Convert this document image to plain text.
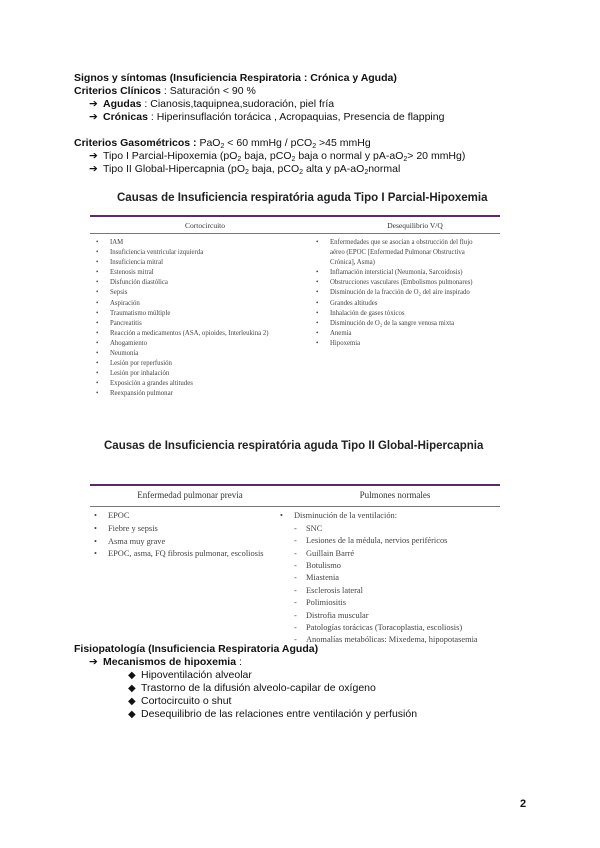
Signos y síntomas (Insuficiencia Respiratoria : Crónica y Aguda)
Criterios Clínicos : Saturación < 90 %
➔ Agudas : Cianosis,taquipnea,sudoración, piel fría
➔ Crónicas : Hiperinsuflación torácica , Acropaquias, Presencia de flapping
Criterios Gasométricos : PaO$_2$ < 60 mmHg / pCO$_2$ >45 mmHg
➔ Tipo I Parcial-Hipoxemia ($pO_2$ baja, pCO$_2$ baja o normal y $pA-aO_2> 20$ mmHg)
➔ Tipo II Global-Hipercapnia ($pO_2$ baja, pCO$_2$ alta y $pA-aO_2normal$
Causas de Insuficiencia respiratória aguda Tipo I Parcial-Hipoxemia
Cortocircuito	Desequilibrio V/Q
• IAM
• Insuficiencia ventricular izquierda
• Insuficiencia mitral
• Estenosis mitral
• Disfunción diastólica
• Sepsis
• Aspiración
• Traumatismo múltiple
• Pancreatitis
• Reacción a medicamentos (ASA, opioides, Interleukina 2)
• Ahogamiento
• Neumonía
• Lesión por reperfusión
• Lesión por inhalación
• Exposición a grandes altitudes
• Reexpansión pulmonar
• Enfermedades que se asocian a obstrucción del flujo
aéreo (EPOC [Enfermedad Pulmonar Obstructiva
Crónica], Asma)
• Inflamación intersticial (Neumonía, Sarcoidosis)
• Obstrucciones vasculares (Embolismos pulmonares)
• Disminución de la fracción de O₂ del aire inspirado
• Grandes altitudes
• Inhalación de gases tóxicos
• Disminución de O₂ de la sangre venosa mixta
• Anemia
• Hipoxemia
Causas de Insuficiencia respiratória aguda Tipo II Global-Hipercapnia
Enfermedad pulmonar previa	Pulmones normales
• EPOC
• Fiebre y sepsis
• Asma muy grave
• EPOC, asma, FQ fibrosis pulmonar, escoliosis
• Disminución de la ventilación:
- SNC
- Lesiones de la médula, nervios periféricos
- Guillain Barré
- Botulismo
- Miastenia
- Esclerosis lateral
- Polimiositis
- Distrofia muscular
- Patologías torácicas (Toracoplastia, escoliosis)
- Anomalías metabólicas: Mixedema, hipopotasemia
Fisiopatología (Insuficiencia Respiratoria Aguda)
➔ Mecanismos de hipoxemia :
◆ Hipoventilación alveolar
◆ Trastorno de la difusión alveolo-capilar de oxígeno
◆ Cortocircuito o shut
◆ Desequilibrio de las relaciones entre ventilación y perfusión
2
